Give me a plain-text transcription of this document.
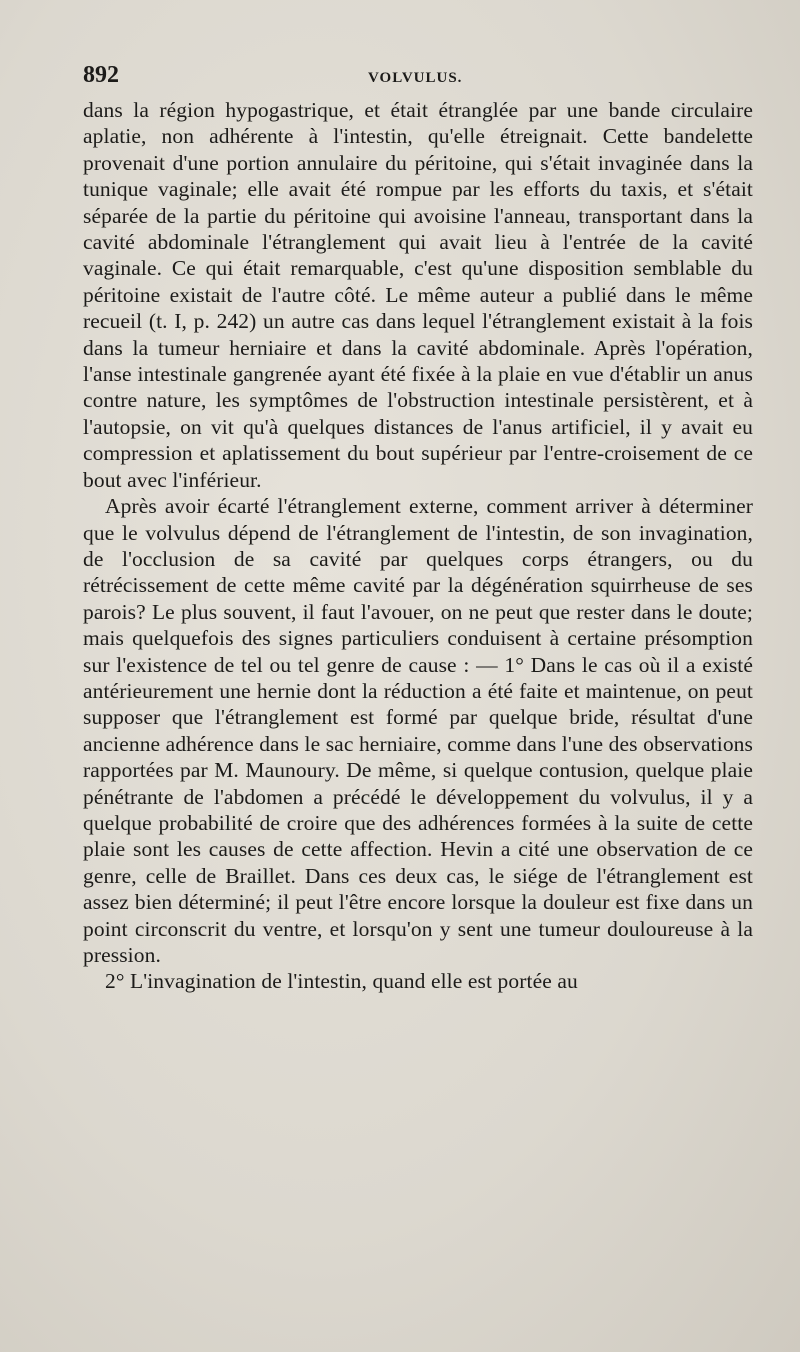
892	VOLVULUS.

dans la région hypogastrique, et était étranglée par une bande circulaire aplatie, non adhérente à l'intestin, qu'elle étreignait. Cette bandelette provenait d'une portion annulaire du péritoine, qui s'était invaginée dans la tunique vaginale; elle avait été rompue par les efforts du taxis, et s'était séparée de la partie du péritoine qui avoisine l'anneau, transportant dans la cavité abdominale l'étranglement qui avait lieu à l'entrée de la cavité vaginale. Ce qui était remarquable, c'est qu'une disposition semblable du péritoine existait de l'autre côté. Le même auteur a publié dans le même recueil (t. I, p. 242) un autre cas dans lequel l'étranglement existait à la fois dans la tumeur herniaire et dans la cavité abdominale. Après l'opération, l'anse intestinale gangrenée ayant été fixée à la plaie en vue d'établir un anus contre nature, les symptômes de l'obstruction intestinale persistèrent, et à l'autopsie, on vit qu'à quelques distances de l'anus artificiel, il y avait eu compression et aplatissement du bout supérieur par l'entre-croisement de ce bout avec l'inférieur.

Après avoir écarté l'étranglement externe, comment arriver à déterminer que le volvulus dépend de l'étranglement de l'intestin, de son invagination, de l'occlusion de sa cavité par quelques corps étrangers, ou du rétrécissement de cette même cavité par la dégénération squirrheuse de ses parois? Le plus souvent, il faut l'avouer, on ne peut que rester dans le doute; mais quelquefois des signes particuliers conduisent à certaine présomption sur l'existence de tel ou tel genre de cause : — 1° Dans le cas où il a existé antérieurement une hernie dont la réduction a été faite et maintenue, on peut supposer que l'étranglement est formé par quelque bride, résultat d'une ancienne adhérence dans le sac herniaire, comme dans l'une des observations rapportées par M. Maunoury. De même, si quelque contusion, quelque plaie pénétrante de l'abdomen a précédé le développement du volvulus, il y a quelque probabilité de croire que des adhérences formées à la suite de cette plaie sont les causes de cette affection. Hevin a cité une observation de ce genre, celle de Braillet. Dans ces deux cas, le siége de l'étranglement est assez bien déterminé; il peut l'être encore lorsque la douleur est fixe dans un point circonscrit du ventre, et lorsqu'on y sent une tumeur douloureuse à la pression.

2° L'invagination de l'intestin, quand elle est portée au
